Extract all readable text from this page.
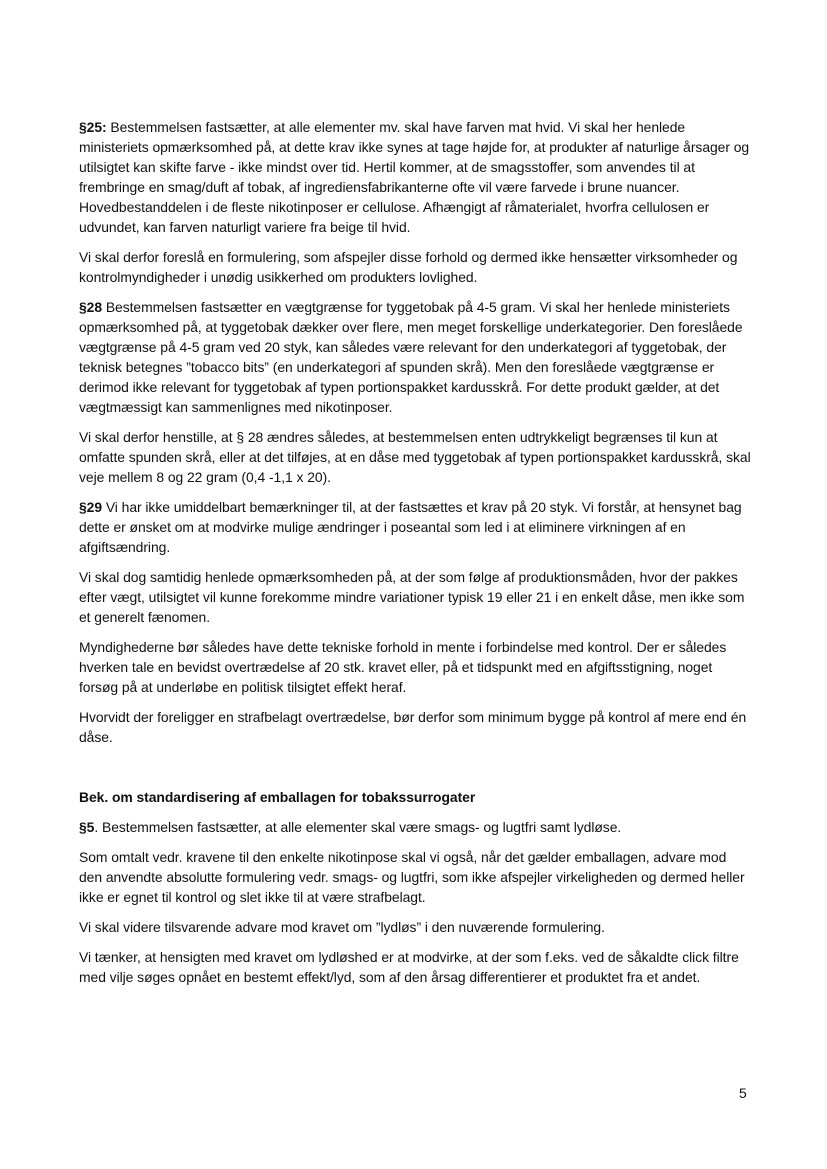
§25: Bestemmelsen fastsætter, at alle elementer mv. skal have farven mat hvid. Vi skal her henlede ministeriets opmærksomhed på, at dette krav ikke synes at tage højde for, at produkter af naturlige årsager og utilsigtet kan skifte farve - ikke mindst over tid. Hertil kommer, at de smagsstoffer, som anvendes til at frembringe en smag/duft af tobak, af ingrediensfabrikanterne ofte vil være farvede i brune nuancer. Hovedbestanddelen i de fleste nikotinposer er cellulose. Afhængigt af råmaterialet, hvorfra cellulosen er udvundet, kan farven naturligt variere fra beige til hvid.

Vi skal derfor foreslå en formulering, som afspejler disse forhold og dermed ikke hensætter virksomheder og kontrolmyndigheder i unødig usikkerhed om produkters lovlighed.

§28 Bestemmelsen fastsætter en vægtgrænse for tyggetobak på 4-5 gram. Vi skal her henlede ministeriets opmærksomhed på, at tyggetobak dækker over flere, men meget forskellige underkategorier. Den foreslåede vægtgrænse på 4-5 gram ved 20 styk, kan således være relevant for den underkategori af tyggetobak, der teknisk betegnes ”tobacco bits” (en underkategori af spunden skrå). Men den foreslåede vægtgrænse er derimod ikke relevant for tyggetobak af typen portionspakket kardusskrå. For dette produkt gælder, at det vægtmæssigt kan sammenlignes med nikotinposer.

Vi skal derfor henstille, at § 28 ændres således, at bestemmelsen enten udtrykkeligt begrænses til kun at omfatte spunden skrå, eller at det tilføjes, at en dåse med tyggetobak af typen portionspakket kardusskrå, skal veje mellem 8 og 22 gram (0,4 -1,1 x 20).

§29 Vi har ikke umiddelbart bemærkninger til, at der fastsættes et krav på 20 styk. Vi forstår, at hensynet bag dette er ønsket om at modvirke mulige ændringer i poseantal som led i at eliminere virkningen af en afgiftsændring.

Vi skal dog samtidig henlede opmærksomheden på, at der som følge af produktionsmåden, hvor der pakkes efter vægt, utilsigtet vil kunne forekomme mindre variationer typisk 19 eller 21 i en enkelt dåse, men ikke som et generelt fænomen.

Myndighederne bør således have dette tekniske forhold in mente i forbindelse med kontrol. Der er således hverken tale en bevidst overtrædelse af 20 stk. kravet eller, på et tidspunkt med en afgiftsstigning, noget forsøg på at underløbe en politisk tilsigtet effekt heraf.

Hvorvidt der foreligger en strafbelagt overtrædelse, bør derfor som minimum bygge på kontrol af mere end én dåse.

Bek. om standardisering af emballagen for tobakssurrogater

§5. Bestemmelsen fastsætter, at alle elementer skal være smags- og lugtfri samt lydløse.

Som omtalt vedr. kravene til den enkelte nikotinpose skal vi også, når det gælder emballagen, advare mod den anvendte absolutte formulering vedr. smags- og lugtfri, som ikke afspejler virkeligheden og dermed heller ikke er egnet til kontrol og slet ikke til at være strafbelagt.

Vi skal videre tilsvarende advare mod kravet om ”lydløs” i den nuværende formulering.

Vi tænker, at hensigten med kravet om lydløshed er at modvirke, at der som f.eks. ved de såkaldte click filtre med vilje søges opnået en bestemt effekt/lyd, som af den årsag differentierer et produktet fra et andet.

5
